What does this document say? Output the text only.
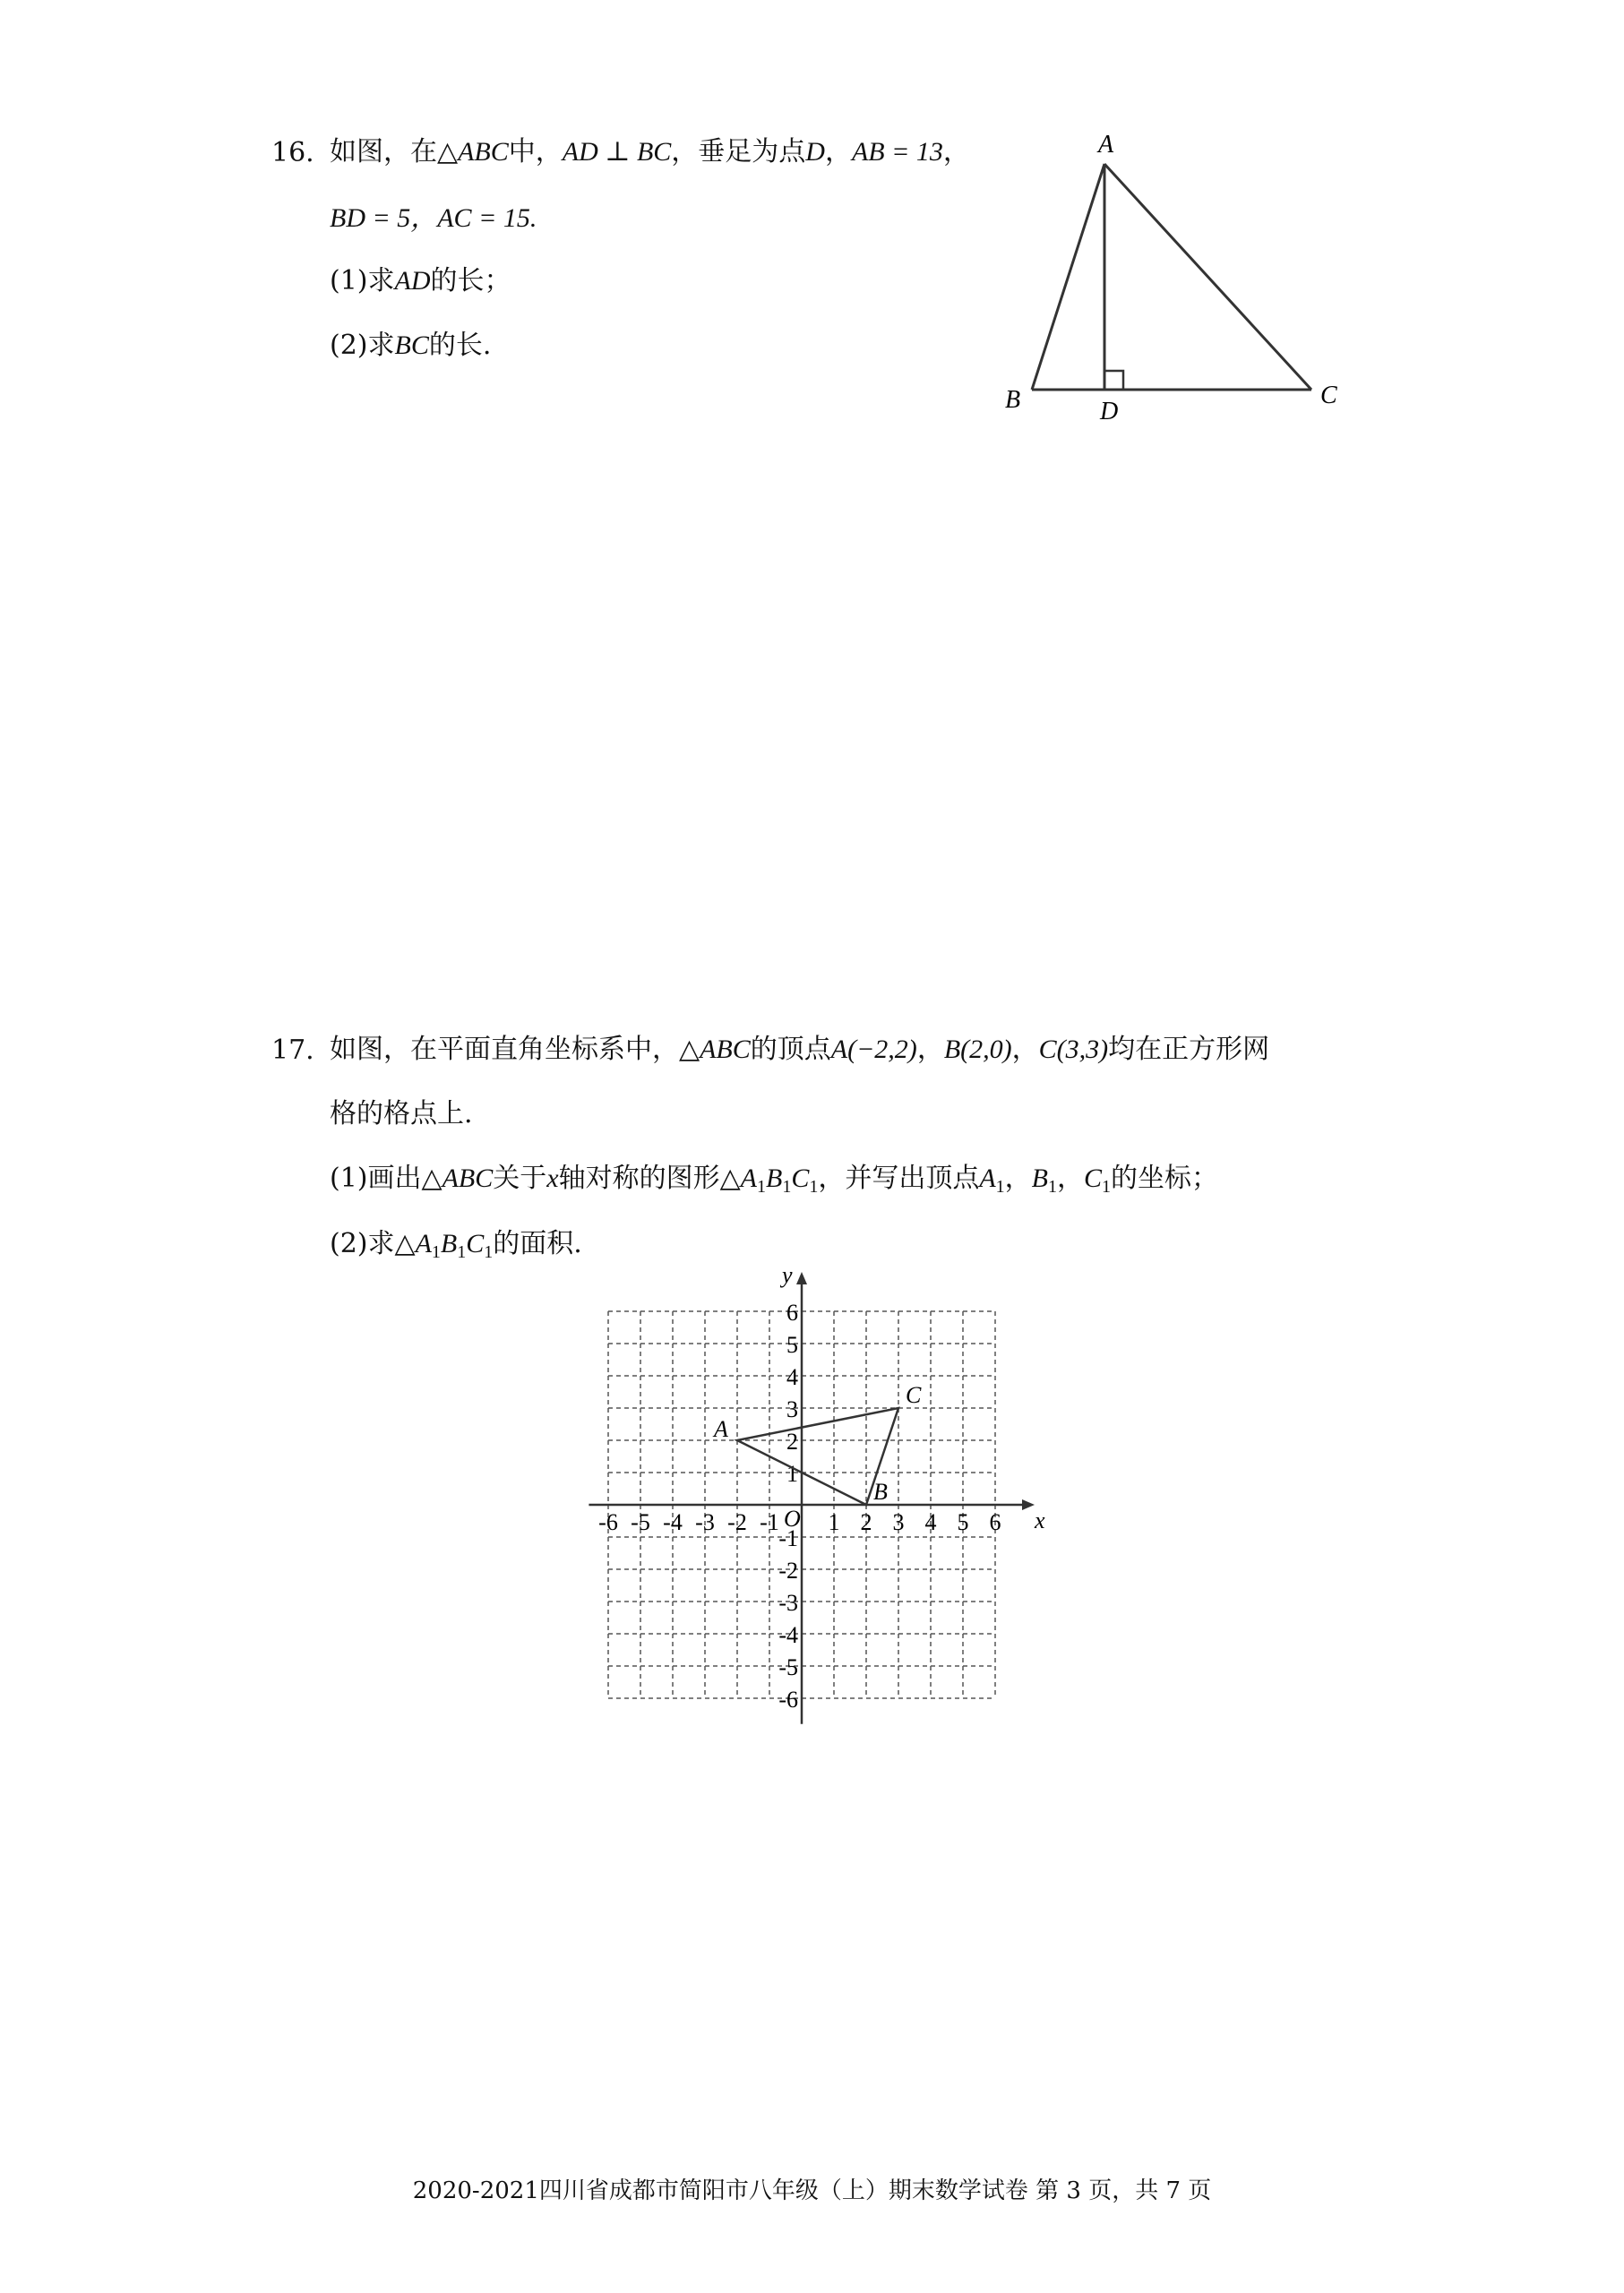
16. 如图，在△ABC中，AD ⊥ BC，垂足为点D，AB = 13，
BD = 5，AC = 15.
(1)求AD的长；
(2)求BC的长.
A
B	D
C
17. 如图，在平面直角坐标系中，△ABC的顶点A(−2,2)，B(2,0)，C(3,3)均在正方形网
格的格点上.
(1)画出△ABC关于x轴对称的图形$\triangle A_1B_1C_1$，并写出顶点$A_1$，$B_1$，$C_1$的坐标；
(2)求$\triangle A_1B_1C_1$的面积.
x
y
O
-6 -5 -4 -3 -2 -1 1 2 3 4 5 6
6
5
4
3
2
1
-1
-2
-3
-4
-5
-6
A
B
C
2020-2021四川省成都市简阳市八年级（上）期末数学试卷 第 3 页，共 7 页
